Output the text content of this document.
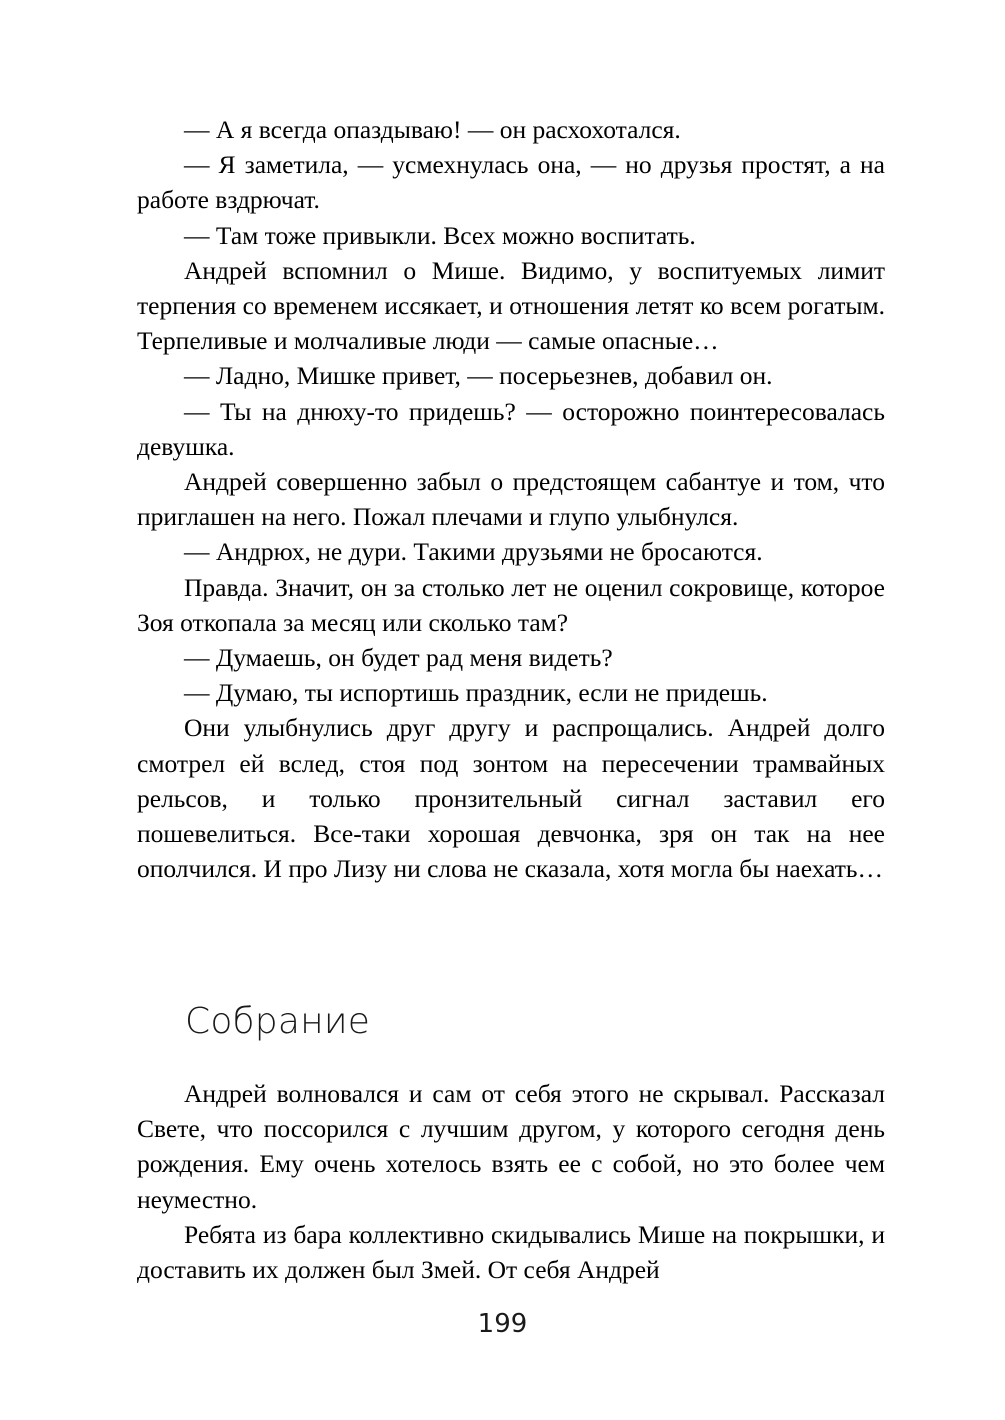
— А я всегда опаздываю! — он расхохотался.

— Я заметила, — усмехнулась она, — но друзья простят, а на работе вздрючат.

— Там тоже привыкли. Всех можно воспитать.

Андрей вспомнил о Мише. Видимо, у воспитуемых лимит терпения со временем иссякает, и отношения летят ко всем рогатым. Терпеливые и молчаливые люди — самые опасные…

— Ладно, Мишке привет, — посерьезнев, добавил он.

— Ты на днюху-то придешь? — осторожно поинтересовалась девушка.

Андрей совершенно забыл о предстоящем сабантуе и том, что приглашен на него. Пожал плечами и глупо улыбнулся.

— Андрюх, не дури. Такими друзьями не бросаются.

Правда. Значит, он за столько лет не оценил сокровище, которое Зоя откопала за месяц или сколько там?

— Думаешь, он будет рад меня видеть?

— Думаю, ты испортишь праздник, если не придешь.

Они улыбнулись друг другу и распрощались. Андрей долго смотрел ей вслед, стоя под зонтом на пересечении трамвайных рельсов, и только пронзительный сигнал заставил его пошевелиться. Все-таки хорошая девчонка, зря он так на нее ополчился. И про Лизу ни слова не сказала, хотя могла бы наехать…

Собрание

Андрей волновался и сам от себя этого не скрывал. Рассказал Свете, что поссорился с лучшим другом, у которого сегодня день рождения. Ему очень хотелось взять ее с собой, но это более чем неуместно.

Ребята из бара коллективно скидывались Мише на покрышки, и доставить их должен был Змей. От себя Андрей

199
